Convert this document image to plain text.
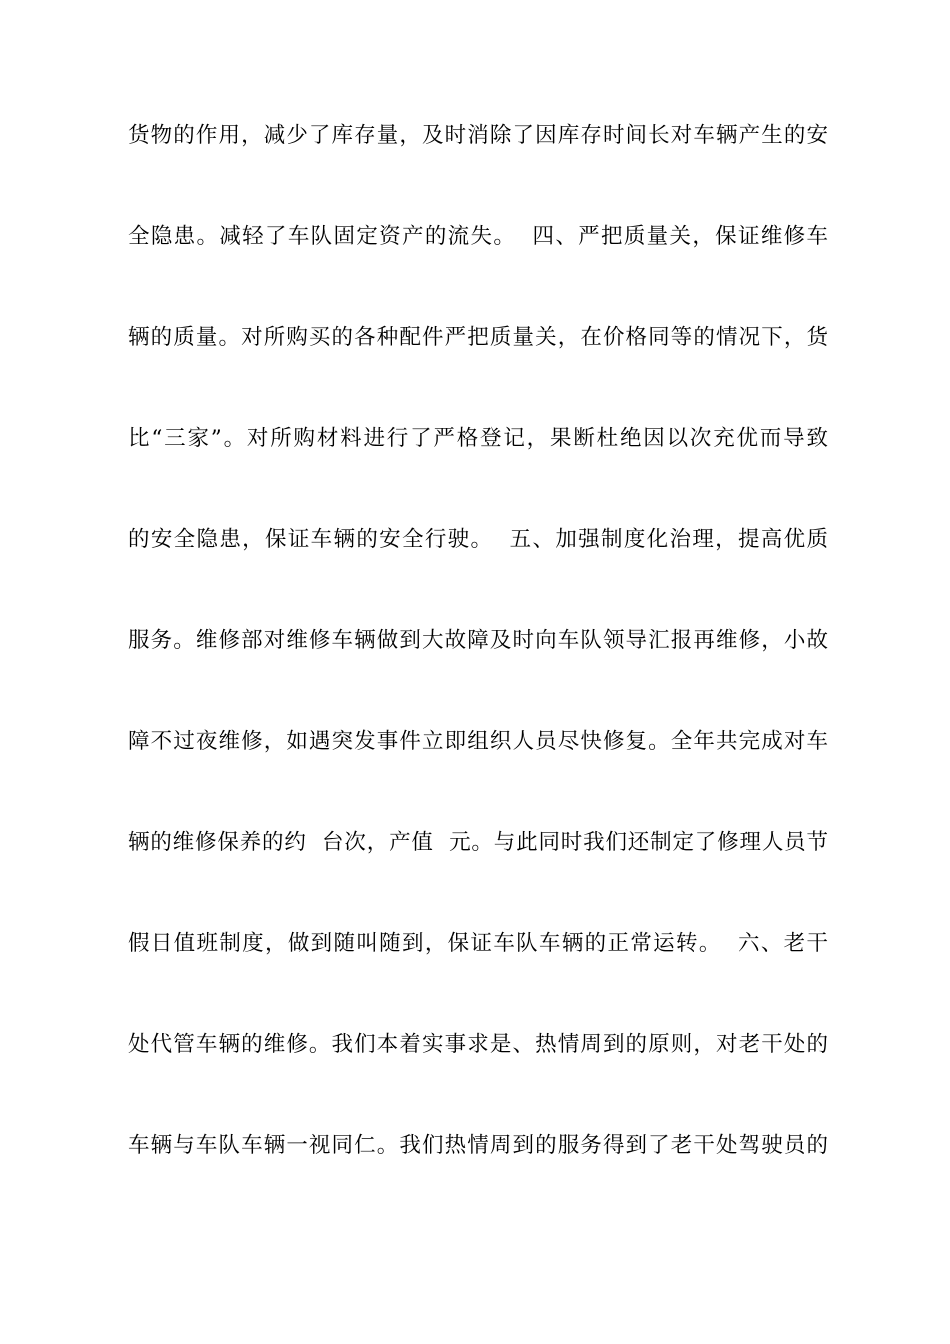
货物的作用，减少了库存量，及时消除了因库存时间长对车辆产生的安
全隐患。减轻了车队固定资产的流失。  四、严把质量关，保证维修车
辆的质量。对所购买的各种配件严把质量关，在价格同等的情况下，货
比“三家”。对所购材料进行了严格登记，果断杜绝因以次充优而导致
的安全隐患，保证车辆的安全行驶。  五、加强制度化治理，提高优质
服务。维修部对维修车辆做到大故障及时向车队领导汇报再维修，小故
障不过夜维修，如遇突发事件立即组织人员尽快修复。全年共完成对车
辆的维修保养的约  台次，产值  元。与此同时我们还制定了修理人员节
假日值班制度，做到随叫随到，保证车队车辆的正常运转。  六、老干
处代管车辆的维修。我们本着实事求是、热情周到的原则，对老干处的
车辆与车队车辆一视同仁。我们热情周到的服务得到了老干处驾驶员的
